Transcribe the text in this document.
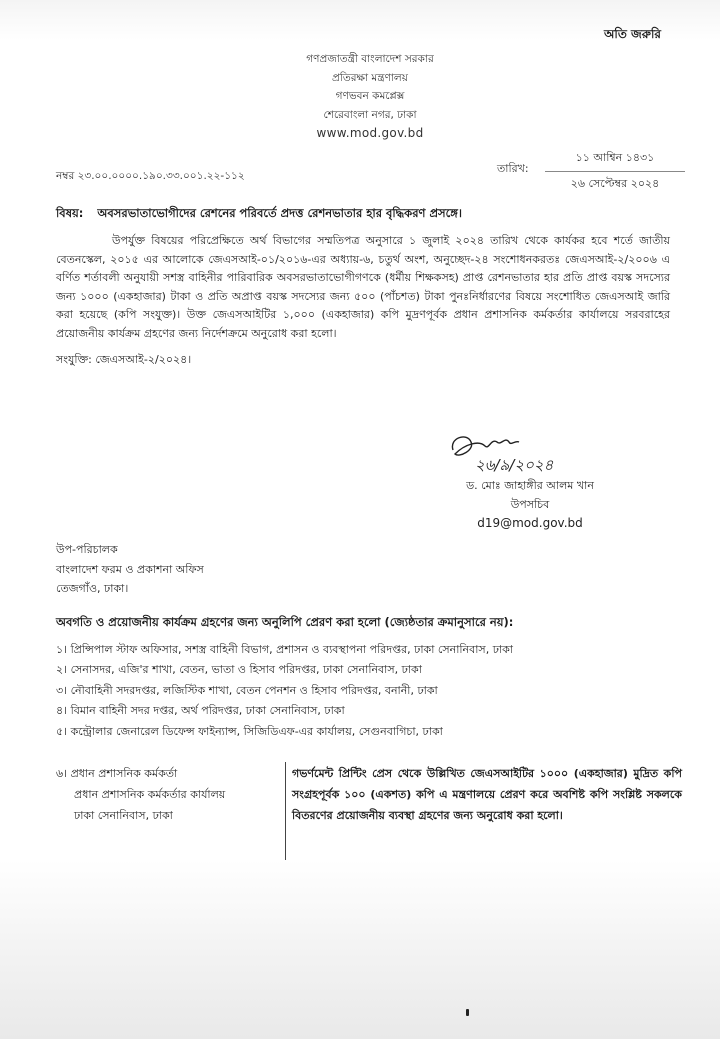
অতি জরুরি
গণপ্রজাতন্ত্রী বাংলাদেশ সরকার
প্রতিরক্ষা মন্ত্রণালয়
গণভবন কমপ্লেক্স
শেরেবাংলা নগর, ঢাকা
www.mod.gov.bd
নম্বর ২৩.০০.০০০০.১৯০.৩৩.০০১.২২-১১২
তারিখ:
১১ আশ্বিন ১৪৩১
২৬ সেপ্টেম্বর ২০২৪
বিষয়: অবসরভাতাভোগীদের রেশনের পরিবর্তে প্রদত্ত রেশনভাতার হার বৃদ্ধিকরণ প্রসঙ্গে।

উপর্যুক্ত বিষয়ের পরিপ্রেক্ষিতে অর্থ বিভাগের সম্মতিপত্র অনুসারে ১ জুলাই ২০২৪ তারিখ থেকে কার্যকর হবে শর্তে জাতীয় বেতনস্কেল, ২০১৫ এর আলোকে জেএসআই-০১/২০১৬-এর অধ্যায়-৬, চতুর্থ অংশ, অনুচ্ছেদ-২৪ সংশোধনকরতঃ জেএসআই-২/২০০৬ এ বর্ণিত শর্তাবলী অনুযায়ী সশস্ত্র বাহিনীর পারিবারিক অবসরভাতাভোগীগণকে (ধর্মীয় শিক্ষকসহ) প্রাপ্ত রেশনভাতার হার প্রতি প্রাপ্ত বয়স্ক সদস্যের জন্য ১০০০ (একহাজার) টাকা ও প্রতি অপ্রাপ্ত বয়স্ক সদস্যের জন্য ৫০০ (পাঁচশত) টাকা পুনঃনির্ধারণের বিষয়ে সংশোধিত জেএসআই জারি করা হয়েছে (কপি সংযুক্ত)। উক্ত জেএসআইটির ১,০০০ (একহাজার) কপি মুদ্রণপূর্বক প্রধান প্রশাসনিক কর্মকর্তার কার্যালয়ে সরবরাহের প্রয়োজনীয় কার্যক্রম গ্রহণের জন্য নির্দেশক্রমে অনুরোধ করা হলো।

সংযুক্তি: জেএসআই-২/২০২৪।
২৬/৯/২০২৪
ড. মোঃ জাহাঙ্গীর আলম খান
উপসচিব
d19@mod.gov.bd
উপ-পরিচালক
বাংলাদেশ ফরম ও প্রকাশনা অফিস
তেজগাঁও, ঢাকা।
অবগতি ও প্রয়োজনীয় কার্যক্রম গ্রহণের জন্য অনুলিপি প্রেরণ করা হলো (জ্যেষ্ঠতার ক্রমানুসারে নয়):
১। প্রিন্সিপাল স্টাফ অফিসার, সশস্ত্র বাহিনী বিভাগ, প্রশাসন ও ব্যবস্থাপনা পরিদপ্তর, ঢাকা সেনানিবাস, ঢাকা
২। সেনাসদর, এজি'র শাখা, বেতন, ভাতা ও হিসাব পরিদপ্তর, ঢাকা সেনানিবাস, ঢাকা
৩। নৌবাহিনী সদরদপ্তর, লজিস্টিক শাখা, বেতন পেনশন ও হিসাব পরিদপ্তর, বনানী, ঢাকা
৪। বিমান বাহিনী সদর দপ্তর, অর্থ পরিদপ্তর, ঢাকা সেনানিবাস, ঢাকা
৫। কন্ট্রোলার জেনারেল ডিফেন্স ফাইন্যান্স, সিজিডিএফ-এর কার্যালয়, সেগুনবাগিচা, ঢাকা
৬। প্রধান প্রশাসনিক কর্মকর্তা
প্রধান প্রশাসনিক কর্মকর্তার কার্যালয়
ঢাকা সেনানিবাস, ঢাকা
গভর্ণমেন্ট প্রিন্টিং প্রেস থেকে উল্লিখিত জেএসআইটির ১০০০ (একহাজার) মুদ্রিত কপি সংগ্রহপূর্বক ১০০ (একশত) কপি এ মন্ত্রণালয়ে প্রেরণ করে অবশিষ্ট কপি সংশ্লিষ্ট সকলকে বিতরণের প্রয়োজনীয় ব্যবস্থা গ্রহণের জন্য অনুরোধ করা হলো।
